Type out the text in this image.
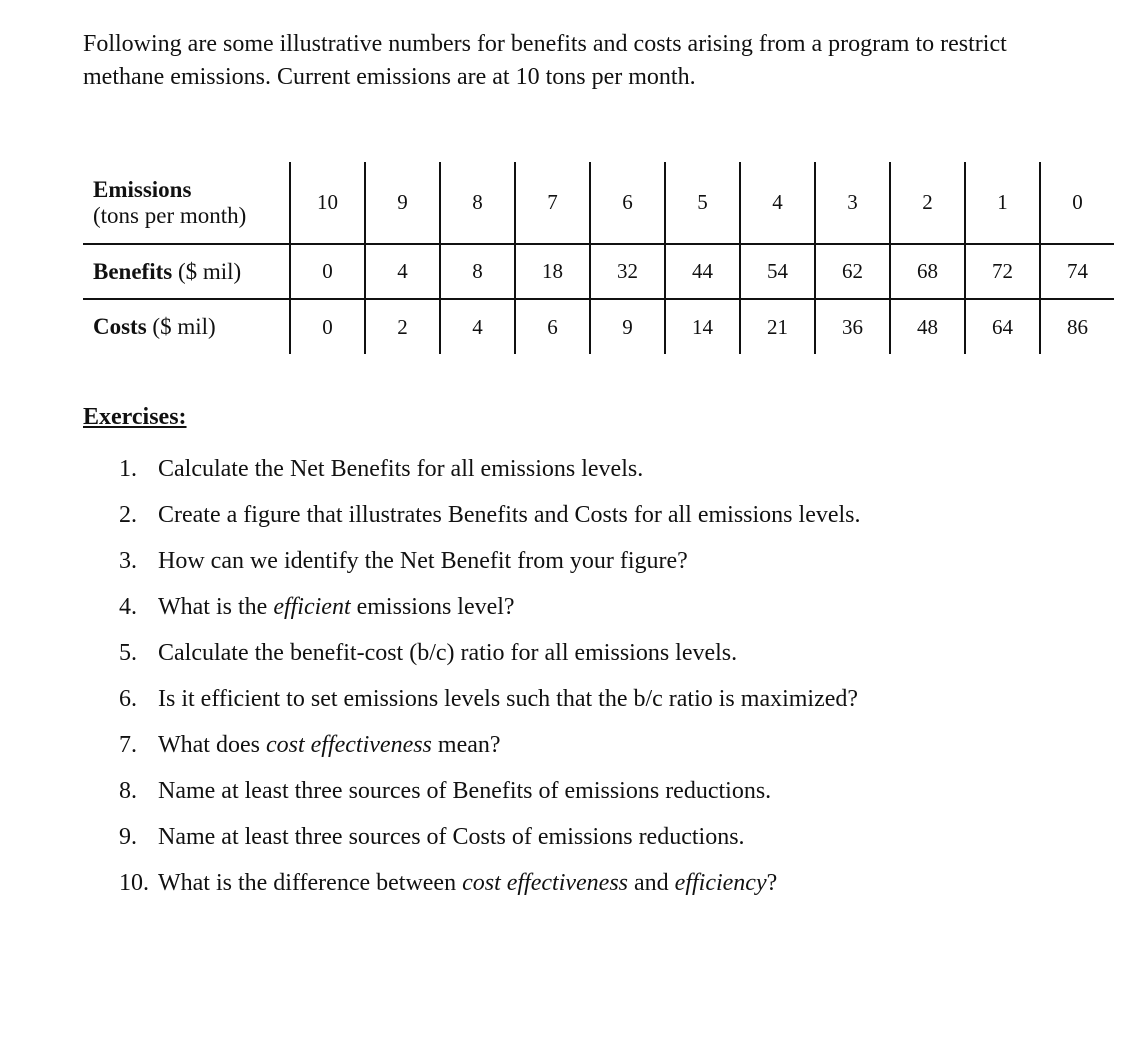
Following are some illustrative numbers for benefits and costs arising from a program to restrict methane emissions. Current emissions are at 10 tons per month.
Emissions
(tons per month)	10	9	8	7	6	5	4	3	2	1	0
Benefits ($ mil)	0	4	8	18	32	44	54	62	68	72	74
Costs ($ mil)	0	2	4	6	9	14	21	36	48	64	86
Exercises:
1. Calculate the Net Benefits for all emissions levels.
2. Create a figure that illustrates Benefits and Costs for all emissions levels.
3. How can we identify the Net Benefit from your figure?
4. What is the efficient emissions level?
5. Calculate the benefit-cost (b/c) ratio for all emissions levels.
6. Is it efficient to set emissions levels such that the b/c ratio is maximized?
7. What does cost effectiveness mean?
8. Name at least three sources of Benefits of emissions reductions.
9. Name at least three sources of Costs of emissions reductions.
10. What is the difference between cost effectiveness and efficiency?
